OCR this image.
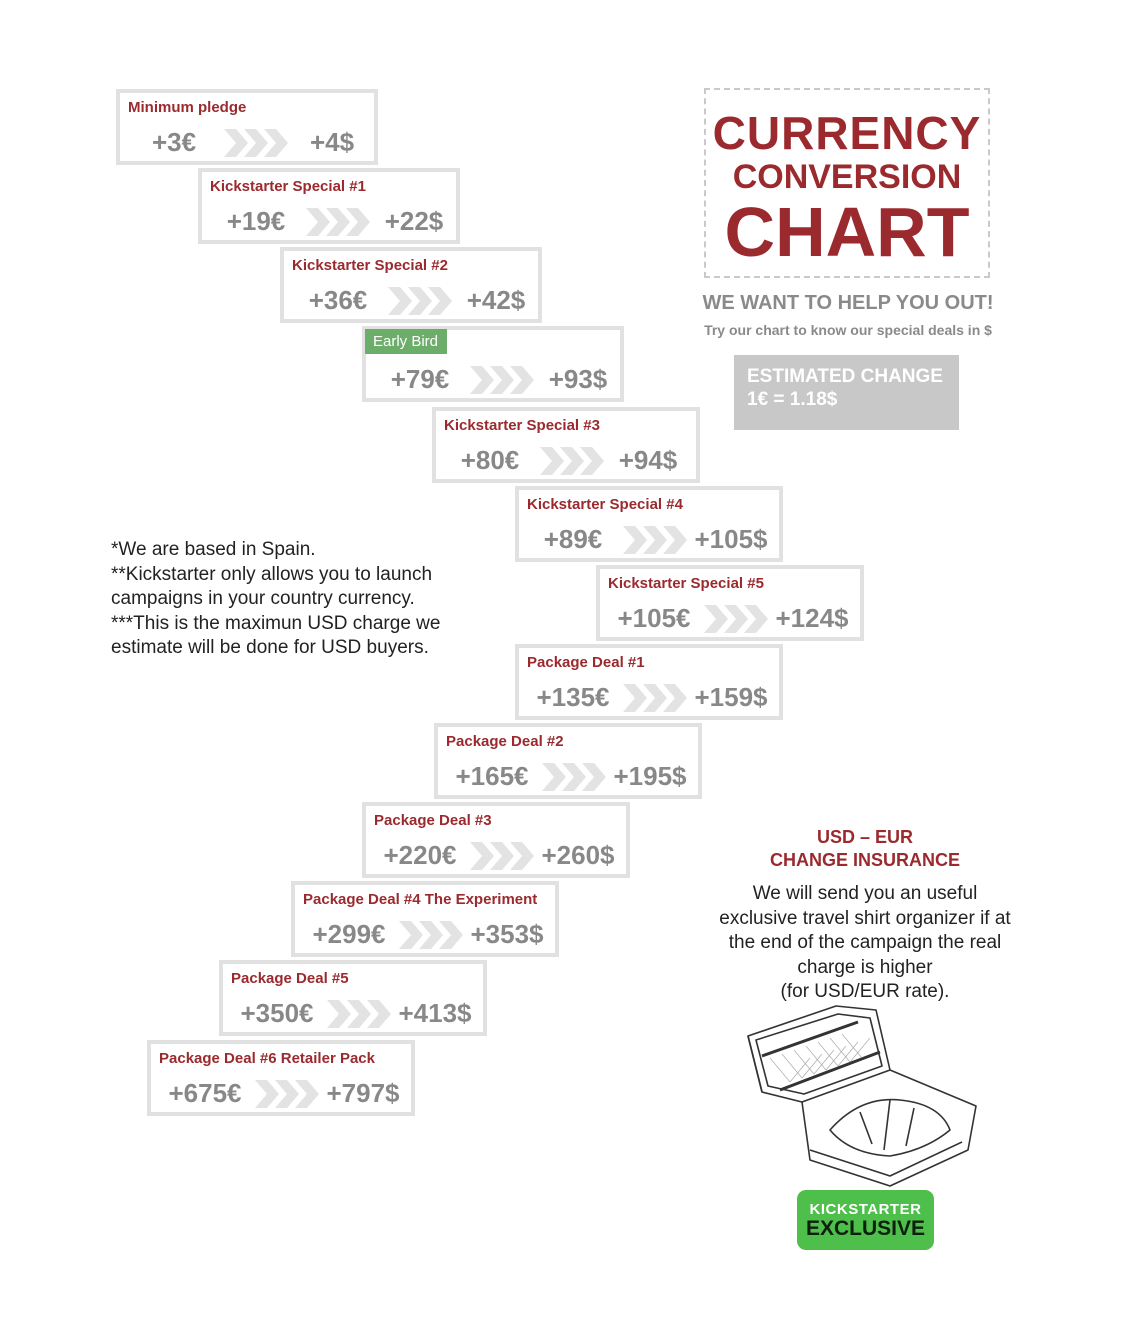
Minimum pledge
+3€	+4$
Kickstarter Special #1
+19€	+22$
Kickstarter Special #2
+36€	+42$
Early Bird
+79€	+93$
Kickstarter Special #3
+80€	+94$
Kickstarter Special #4
+89€	+105$
Kickstarter Special #5
+105€	+124$
Package Deal #1
+135€	+159$
Package Deal #2
+165€	+195$
Package Deal #3
+220€	+260$
Package Deal #4 The Experiment
+299€	+353$
Package Deal #5
+350€	+413$
Package Deal #6 Retailer Pack
+675€	+797$
CURRENCY
CONVERSION
CHART
WE WANT TO HELP YOU OUT!
Try our chart to know our special deals in $
ESTIMATED CHANGE
1€ = 1.18$
*We are based in Spain.
**Kickstarter only allows you to launch
campaigns in your country currency.
***This is the maximun USD charge we
estimate will be done for USD buyers.
USD – EUR
CHANGE INSURANCE
We will send you an useful
exclusive travel shirt organizer if at
the end of the campaign the real
charge is higher
(for USD/EUR rate).
KICKSTARTER
EXCLUSIVE
